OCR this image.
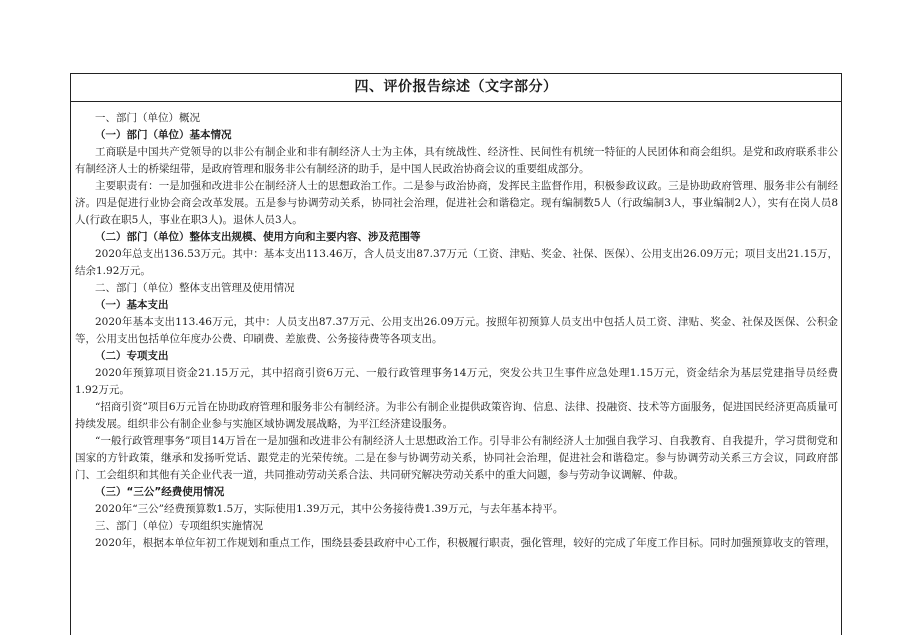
四、评价报告综述（文字部分）

一、部门（单位）概况

（一）部门（单位）基本情况

工商联是中国共产党领导的以非公有制企业和非有制经济人士为主体，具有统战性、经济性、民间性有机统一特征的人民团体和商会组织。是党和政府联系非公有制经济人士的桥梁纽带，是政府管理和服务非公有制经济的助手，是中国人民政治协商会议的重要组成部分。

主要职责有：一是加强和改进非公在制经济人士的思想政治工作。二是参与政治协商，发挥民主监督作用，积极参政议政。三是协助政府管理、服务非公有制经济。四是促进行业协会商会改革发展。五是参与协调劳动关系，协同社会治理，促进社会和谐稳定。现有编制数5人（行政编制3人，事业编制2人），实有在岗人员8人(行政在职5人，事业在职3人)。退休人员3人。

（二）部门（单位）整体支出规模、使用方向和主要内容、涉及范围等

2020年总支出136.53万元。其中：基本支出113.46万，含人员支出87.37万元（工资、津贴、奖金、社保、医保）、公用支出26.09万元；项目支出21.15万，结余1.92万元。

二、部门（单位）整体支出管理及使用情况

（一）基本支出

2020年基本支出113.46万元，其中：人员支出87.37万元、公用支出26.09万元。按照年初预算人员支出中包括人员工资、津贴、奖金、社保及医保、公积金等，公用支出包括单位年度办公费、印刷费、差旅费、公务接待费等各项支出。

（二）专项支出

2020年预算项目资金21.15万元，其中招商引资6万元、一般行政管理事务14万元，突发公共卫生事件应急处理1.15万元，资金结余为基层党建指导员经费1.92万元。

“招商引资”项目6万元旨在协助政府管理和服务非公有制经济。为非公有制企业提供政策咨询、信息、法律、投融资、技术等方面服务，促进国民经济更高质量可持续发展。组织非公有制企业参与实施区域协调发展战略，为平江经济建设服务。

“一般行政管理事务”项目14万旨在一是加强和改进非公有制经济人士思想政治工作。引导非公有制经济人士加强自我学习、自我教育、自我提升，学习贯彻党和国家的方针政策，继承和发扬听党话、跟党走的光荣传统。二是在参与协调劳动关系，协同社会治理，促进社会和谐稳定。参与协调劳动关系三方会议，同政府部门、工会组织和其他有关企业代表一道，共同推动劳动关系合法、共同研究解决劳动关系中的重大问题，参与劳动争议调解、仲裁。

（三）“三公”经费使用情况

2020年“三公”经费预算数1.5万，实际使用1.39万元，其中公务接待费1.39万元，与去年基本持平。

三、部门（单位）专项组织实施情况

2020年，根据本单位年初工作规划和重点工作，围绕县委县政府中心工作，积极履行职责，强化管理，较好的完成了年度工作目标。同时加强预算收支的管理，
